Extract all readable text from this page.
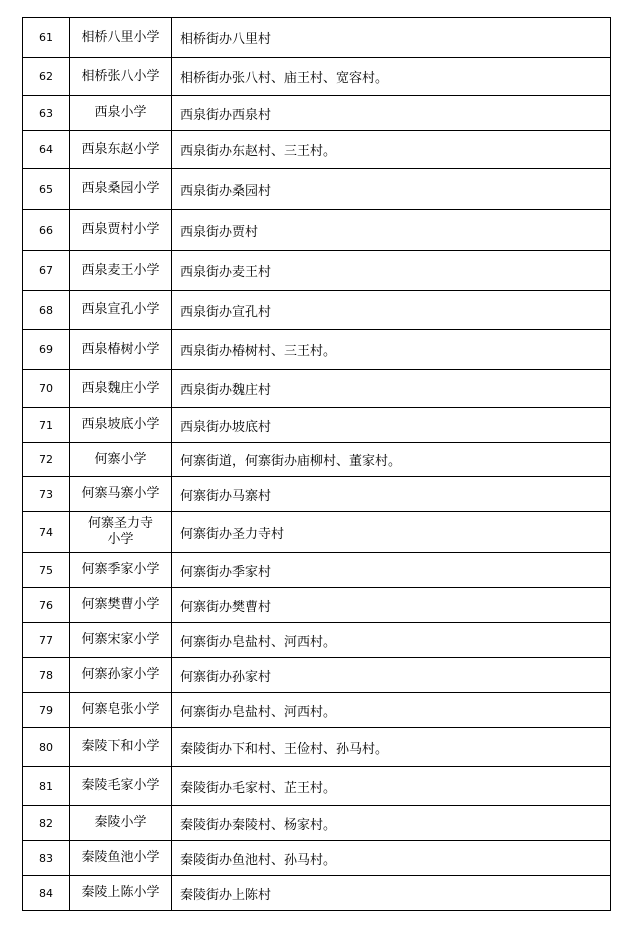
61	相桥八里小学	相桥街办八里村
62	相桥张八小学	相桥街办张八村、庙王村、宽容村。
63	西泉小学	西泉街办西泉村
64	西泉东赵小学	西泉街办东赵村、三王村。
65	西泉桑园小学	西泉街办桑园村
66	西泉贾村小学	西泉街办贾村
67	西泉麦王小学	西泉街办麦王村
68	西泉宣孔小学	西泉街办宣孔村
69	西泉椿树小学	西泉街办椿树村、三王村。
70	西泉魏庄小学	西泉街办魏庄村
71	西泉坡底小学	西泉街办坡底村
72	何寨小学	何寨街道，何寨街办庙柳村、董家村。
73	何寨马寨小学	何寨街办马寨村
74	何寨圣力寺小学	何寨街办圣力寺村
75	何寨季家小学	何寨街办季家村
76	何寨樊曹小学	何寨街办樊曹村
77	何寨宋家小学	何寨街办皂盐村、河西村。
78	何寨孙家小学	何寨街办孙家村
79	何寨皂张小学	何寨街办皂盐村、河西村。
80	秦陵下和小学	秦陵街办下和村、王俭村、孙马村。
81	秦陵毛家小学	秦陵街办毛家村、芷王村。
82	秦陵小学	秦陵街办秦陵村、杨家村。
83	秦陵鱼池小学	秦陵街办鱼池村、孙马村。
84	秦陵上陈小学	秦陵街办上陈村
